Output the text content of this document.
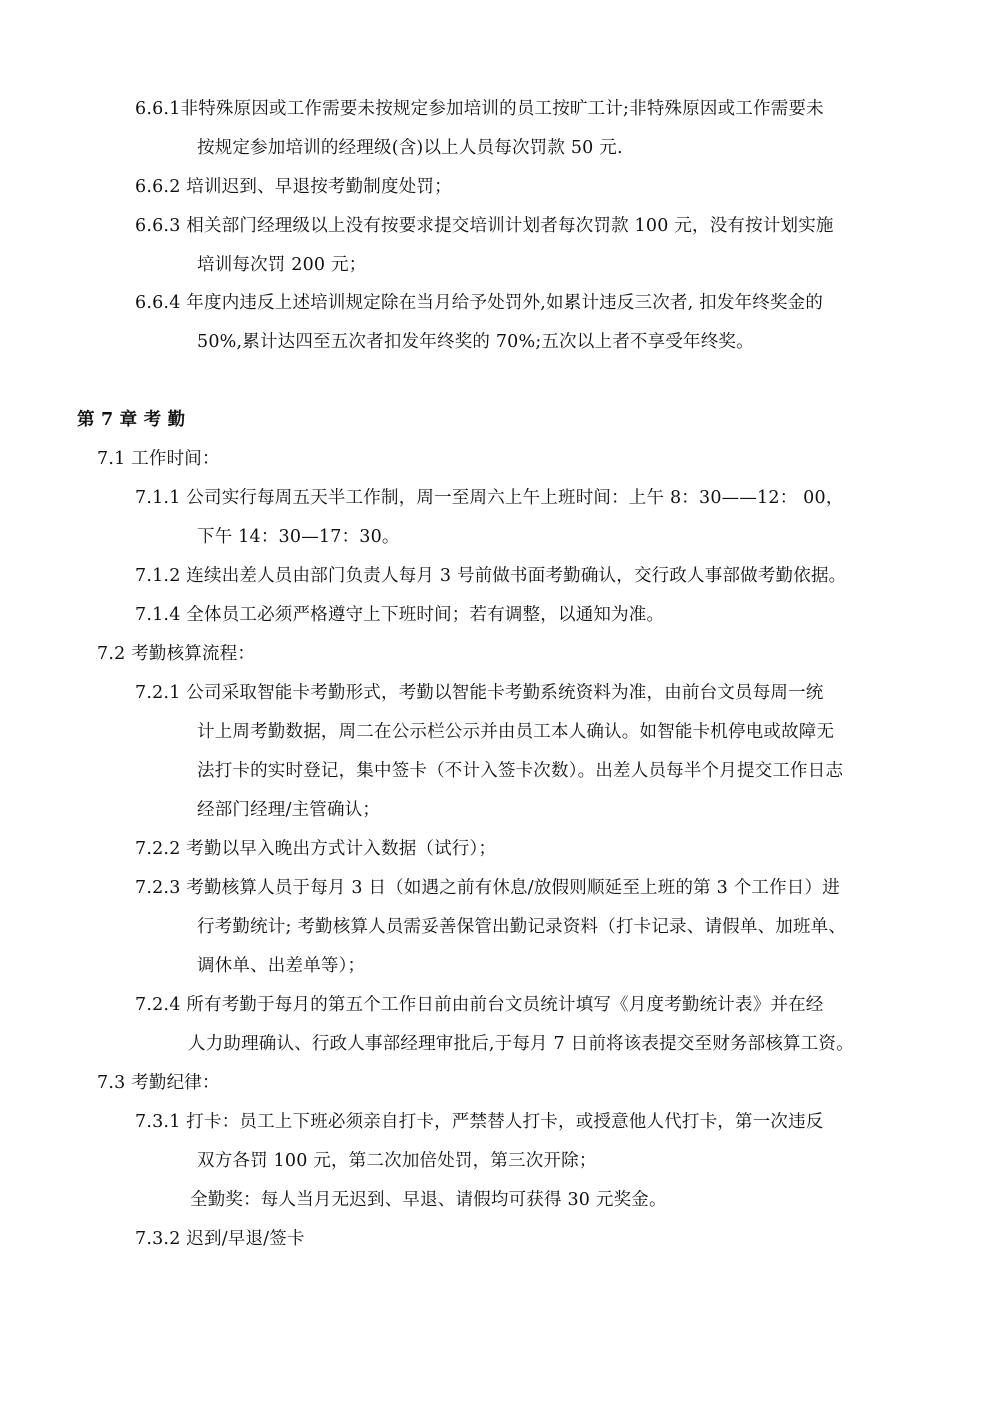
6.6.1非特殊原因或工作需要未按规定参加培训的员工按旷工计;非特殊原因或工作需要未
按规定参加培训的经理级(含)以上人员每次罚款 50 元.
6.6.2 培训迟到、早退按考勤制度处罚；
6.6.3 相关部门经理级以上没有按要求提交培训计划者每次罚款 100 元，没有按计划实施
培训每次罚 200 元；
6.6.4 年度内违反上述培训规定除在当月给予处罚外,如累计违反三次者, 扣发年终奖金的
50%,累计达四至五次者扣发年终奖的 70%;五次以上者不享受年终奖。
第 7 章 考 勤
7.1 工作时间：
7.1.1 公司实行每周五天半工作制，周一至周六上午上班时间：上午 8：30——12： 00，
下午 14：30—17：30。
7.1.2 连续出差人员由部门负责人每月 3 号前做书面考勤确认，交行政人事部做考勤依据。
7.1.4 全体员工必须严格遵守上下班时间；若有调整，以通知为准。
7.2 考勤核算流程：
7.2.1 公司采取智能卡考勤形式，考勤以智能卡考勤系统资料为准，由前台文员每周一统
计上周考勤数据，周二在公示栏公示并由员工本人确认。如智能卡机停电或故障无
法打卡的实时登记，集中签卡（不计入签卡次数）。出差人员每半个月提交工作日志
经部门经理/主管确认；
7.2.2 考勤以早入晚出方式计入数据（试行）；
7.2.3 考勤核算人员于每月 3 日（如遇之前有休息/放假则顺延至上班的第 3 个工作日）进
行考勤统计; 考勤核算人员需妥善保管出勤记录资料（打卡记录、请假单、加班单、
调休单、出差单等）；
7.2.4 所有考勤于每月的第五个工作日前由前台文员统计填写《月度考勤统计表》并在经
人力助理确认、行政人事部经理审批后,于每月 7 日前将该表提交至财务部核算工资。
7.3 考勤纪律：
7.3.1 打卡：员工上下班必须亲自打卡，严禁替人打卡，或授意他人代打卡，第一次违反
双方各罚 100 元，第二次加倍处罚，第三次开除；
全勤奖：每人当月无迟到、早退、请假均可获得 30 元奖金。
7.3.2 迟到/早退/签卡
